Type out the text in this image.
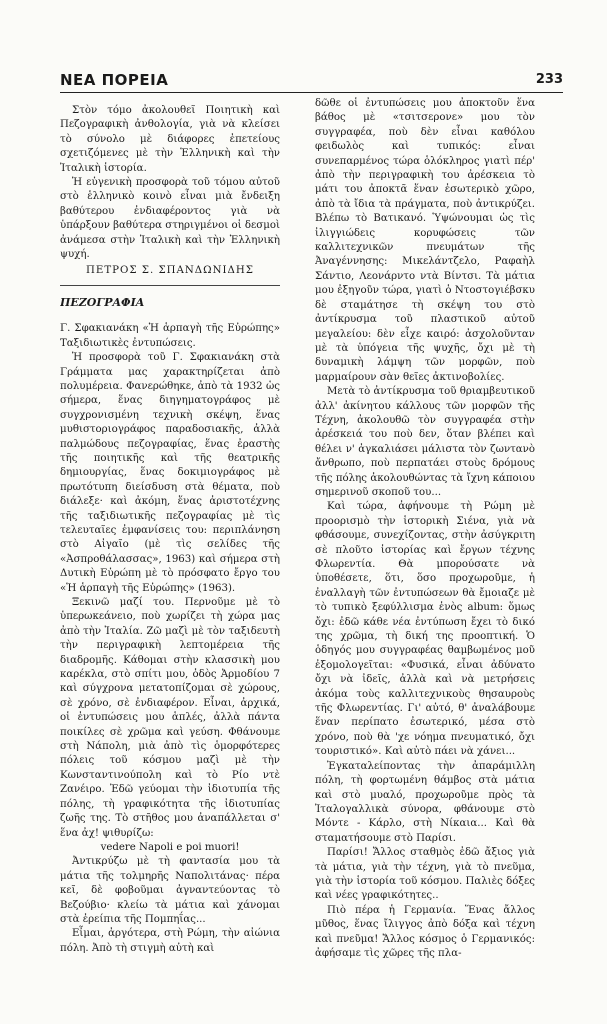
ΝΕΑ ΠΟΡΕΙΑ	233

Στὸν τόμο ἀκολουθεῖ Ποιητικὴ καὶ Πεζογραφικὴ ἀνθολογία, γιὰ νὰ κλείσει τὸ σύνολο μὲ διάφορες ἐπετείους σχετιζόμενες μὲ τὴν Ἑλληνικὴ καὶ τὴν Ἰταλικὴ ἱστορία.

Ἡ εὐγενικὴ προσφορὰ τοῦ τόμου αὐτοῦ στὸ ἑλληνικὸ κοινὸ εἶναι μιὰ ἔνδειξη βαθύτερου ἐνδιαφέροντος γιὰ νὰ ὑπάρξουν βαθύτερα στηριγμένοι οἱ δεσμοὶ ἀνάμεσα στὴν Ἰταλικὴ καὶ τὴν Ἑλληνικὴ ψυχή.

ΠΕΤΡΟΣ Σ. ΣΠΑΝΔΩΝΙΔΗΣ

ΠΕΖΟΓΡΑΦΙΑ

Γ. Σφακιανάκη «Ἡ ἁρπαγὴ τῆς Εὐρώπης» Ταξιδιωτικὲς ἐντυπώσεις.

Ἡ προσφορὰ τοῦ Γ. Σφακιανάκη στὰ Γράμματα μας χαρακτηρίζεται ἀπὸ πολυμέρεια. Φανερώθηκε, ἀπὸ τὰ 1932 ὡς σήμερα, ἕνας διηγηματογράφος μὲ συγχρονισμένη τεχνικὴ σκέψη, ἕνας μυθιστοριογράφος παραδοσιακῆς, ἀλλὰ παλμώδους πεζογραφίας, ἕνας ἐραστὴς τῆς ποιητικῆς καὶ τῆς θεατρικῆς δημιουργίας, ἕνας δοκιμιογράφος μὲ πρωτότυπη διείσδυση στὰ θέματα, ποὺ διάλεξε· καὶ ἀκόμη, ἕνας ἀριστοτέχνης τῆς ταξιδιωτικῆς πεζογραφίας μὲ τὶς τελευταῖες ἐμφανίσεις του: περιπλάνηση στὸ Αἰγαῖο (μὲ τὶς σελίδες τῆς «Ἀσπροθάλασσας», 1963) καὶ σήμερα στὴ Δυτικὴ Εὐρώπη μὲ τὸ πρόσφατο ἔργο του «Ἡ ἁρπαγὴ τῆς Εὐρώπης» (1963).

Ξεκινῶ μαζί του. Περνοῦμε μὲ τὸ ὑπερωκεάνειο, ποὺ χωρίζει τὴ χώρα μας ἀπὸ τὴν Ἰταλία. Ζῶ μαζὶ μὲ τὸν ταξιδευτὴ τὴν περιγραφικὴ λεπτομέρεια τῆς διαδρομῆς. Κάθομαι στὴν κλασσικὴ μου καρέκλα, στὸ σπίτι μου, ὁδὸς Ἀρμοδίου 7 καὶ σύγχρονα μετατοπίζομαι σὲ χώρους, σὲ χρόνο, σὲ ἐνδιαφέρον. Εἶναι, ἀρχικά, οἱ ἐντυπώσεις μου ἁπλές, ἀλλὰ πάντα ποικίλες σὲ χρῶμα καὶ γεύση. Φθάνουμε στὴ Νάπολη, μιὰ ἀπὸ τὶς ὁμορφότερες πόλεις τοῦ κόσμου μαζὶ μὲ τὴν Κωνσταντινούπολη καὶ τὸ Ρίο ντὲ Ζανέιρο. Ἐδῶ γεύομαι τὴν ἰδιοτυπία τῆς πόλης, τὴ γραφικότητα τῆς ἰδιοτυπίας ζωῆς της. Τὸ στῆθος μου ἀναπάλλεται σ' ἕνα ἀχ! ψιθυρίζω:

vedere Napoli e poi muori!

Ἀντικρύζω μὲ τὴ φαντασία μου τὰ μάτια τῆς τολμηρῆς Ναπολιτάνας· πέρα κεῖ, δὲ φοβοῦμαι ἀγναντεύοντας τὸ Βεζούβιο· κλείω τὰ μάτια καὶ χάνομαι στὰ ἐρείπια τῆς Πομπηΐας...

Εἶμαι, ἀργότερα, στὴ Ρώμη, τὴν αἰώνια πόλη. Ἀπὸ τὴ στιγμὴ αὐτὴ καὶ

δῶθε οἱ ἐντυπώσεις μου ἀποκτοῦν ἕνα βάθος μὲ «τσιτσερονε» μου τὸν συγγραφέα, ποὺ δὲν εἶναι καθόλου φειδωλὸς καὶ τυπικός: εἶναι συνεπαρμένος τώρα ὁλόκληρος γιατὶ πέρ' ἀπὸ τὴν περιγραφικὴ του ἀρέσκεια τὸ μάτι του ἀποκτᾶ ἕναν ἐσωτερικὸ χῶρο, ἀπὸ τὰ ἴδια τὰ πράγματα, ποὺ ἀντικρύζει. Βλέπω τὸ Βατικανό. Ὑψώνουμαι ὡς τὶς ἰλιγγιώδεις κορυφώσεις τῶν καλλιτεχνικῶν πνευμάτων τῆς Ἀναγέννησης: Μικελάντζελο, Ραφαὴλ Σάντιο, Λεονάρντο ντὰ Βίντσι. Τὰ μάτια μου ἐξηγοῦν τώρα, γιατὶ ὁ Ντοστογιέβσκυ δὲ σταμάτησε τὴ σκέψη του στὸ ἀντίκρυσμα τοῦ πλαστικοῦ αὐτοῦ μεγαλείου: δὲν εἶχε καιρό: ἀσχολοῦνταν μὲ τὰ ὑπόγεια τῆς ψυχῆς, ὄχι μὲ τὴ δυναμικὴ λάμψη τῶν μορφῶν, ποὺ μαρμαίρουν σὰν θεῖες ἀκτινοβολίες.

Μετὰ τὸ ἀντίκρυσμα τοῦ θριαμβευτικοῦ ἀλλ' ἀκίνητου κάλλους τῶν μορφῶν τῆς Τέχνη, ἀκολουθῶ τὸν συγγραφέα στὴν ἀρέσκειά του ποὺ δεν, ὅταν βλέπει καὶ θέλει ν' ἀγκαλιάσει μάλιστα τὸν ζωντανὸ ἄνθρωπο, ποὺ περπατάει στοὺς δρόμους τῆς πόλης ἀκολουθώντας τὰ ἴχνη κάποιου σημερινοῦ σκοποῦ του...

Καὶ τώρα, ἀφήνουμε τὴ Ρώμη μὲ προορισμὸ τὴν ἱστορικὴ Σιένα, γιὰ νὰ φθάσουμε, συνεχίζοντας, στὴν ἀσύγκριτη σὲ πλοῦτο ἱστορίας καὶ ἔργων τέχνης Φλωρεντία. Θὰ μπορούσατε νὰ ὑποθέσετε, ὅτι, ὅσο προχωροῦμε, ἡ ἐναλλαγὴ τῶν ἐντυπώσεων θὰ ἔμοιαζε μὲ τὸ τυπικὸ ξεφύλλισμα ἑνὸς album: ὅμως ὄχι: ἐδῶ κάθε νέα ἐντύπωση ἔχει τὸ δικό της χρῶμα, τὴ δική της προοπτική. Ὁ ὁδηγός μου συγγραφέας θαμβωμένος μοῦ ἐξομολογεῖται: «Φυσικά, εἶναι ἀδύνατο ὄχι νὰ ἰδεῖς, ἀλλὰ καὶ νὰ μετρήσεις ἀκόμα τοὺς καλλιτεχνικοὺς θησαυροὺς τῆς Φλωρεντίας. Γι' αὐτό, θ' ἀναλάβουμε ἕναν περίπατο ἐσωτερικό, μέσα στὸ χρόνο, ποὺ θὰ 'χε νόημα πνευματικό, ὄχι τουριστικό». Καὶ αὐτὸ πάει νὰ χάνει...

Ἐγκαταλείποντας τὴν ἀπαράμιλλη πόλη, τὴ φορτωμένη θάμβος στὰ μάτια καὶ στὸ μυαλό, προχωροῦμε πρὸς τὰ Ἰταλογαλλικὰ σύνορα, φθάνουμε στὸ Μόντε - Κάρλο, στὴ Νίκαια... Καὶ θὰ σταματήσουμε στὸ Παρίσι.

Παρίσι! Ἄλλος σταθμὸς ἐδῶ ἄξιος γιὰ τὰ μάτια, γιὰ τὴν τέχνη, γιὰ τὸ πνεῦμα, γιὰ τὴν ἱστορία τοῦ κόσμου. Παλιὲς δόξες καὶ νέες γραφικότητες..

Πιὸ πέρα ἡ Γερμανία. Ἕνας ἄλλος μῦθος, ἕνας ἴλιγγος ἀπὸ δόξα καὶ τέχνη καὶ πνεῦμα! Ἄλλος κόσμος ὁ Γερμανικός: ἀφήσαμε τὶς χῶρες τῆς πλα-
